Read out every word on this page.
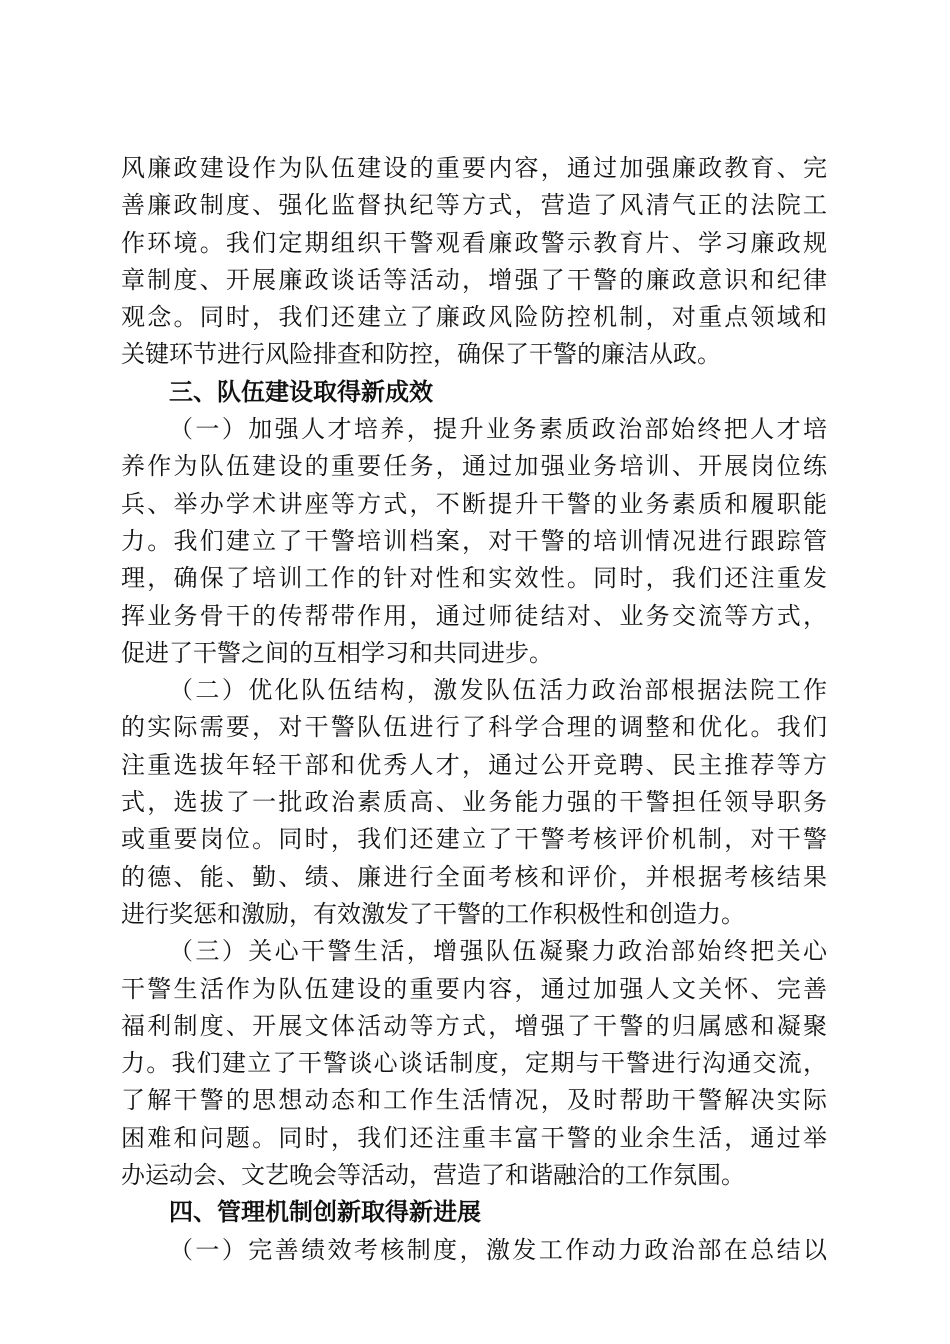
风廉政建设作为队伍建设的重要内容，通过加强廉政教育、完
善廉政制度、强化监督执纪等方式，营造了风清气正的法院工
作环境。我们定期组织干警观看廉政警示教育片、学习廉政规
章制度、开展廉政谈话等活动，增强了干警的廉政意识和纪律
观念。同时，我们还建立了廉政风险防控机制，对重点领域和
关键环节进行风险排查和防控，确保了干警的廉洁从政。
三、队伍建设取得新成效
（一）加强人才培养，提升业务素质政治部始终把人才培
养作为队伍建设的重要任务，通过加强业务培训、开展岗位练
兵、举办学术讲座等方式，不断提升干警的业务素质和履职能
力。我们建立了干警培训档案，对干警的培训情况进行跟踪管
理，确保了培训工作的针对性和实效性。同时，我们还注重发
挥业务骨干的传帮带作用，通过师徒结对、业务交流等方式，
促进了干警之间的互相学习和共同进步。
（二）优化队伍结构，激发队伍活力政治部根据法院工作
的实际需要，对干警队伍进行了科学合理的调整和优化。我们
注重选拔年轻干部和优秀人才，通过公开竞聘、民主推荐等方
式，选拔了一批政治素质高、业务能力强的干警担任领导职务
或重要岗位。同时，我们还建立了干警考核评价机制，对干警
的德、能、勤、绩、廉进行全面考核和评价，并根据考核结果
进行奖惩和激励，有效激发了干警的工作积极性和创造力。
（三）关心干警生活，增强队伍凝聚力政治部始终把关心
干警生活作为队伍建设的重要内容，通过加强人文关怀、完善
福利制度、开展文体活动等方式，增强了干警的归属感和凝聚
力。我们建立了干警谈心谈话制度，定期与干警进行沟通交流，
了解干警的思想动态和工作生活情况，及时帮助干警解决实际
困难和问题。同时，我们还注重丰富干警的业余生活，通过举
办运动会、文艺晚会等活动，营造了和谐融洽的工作氛围。
四、管理机制创新取得新进展
（一）完善绩效考核制度，激发工作动力政治部在总结以
